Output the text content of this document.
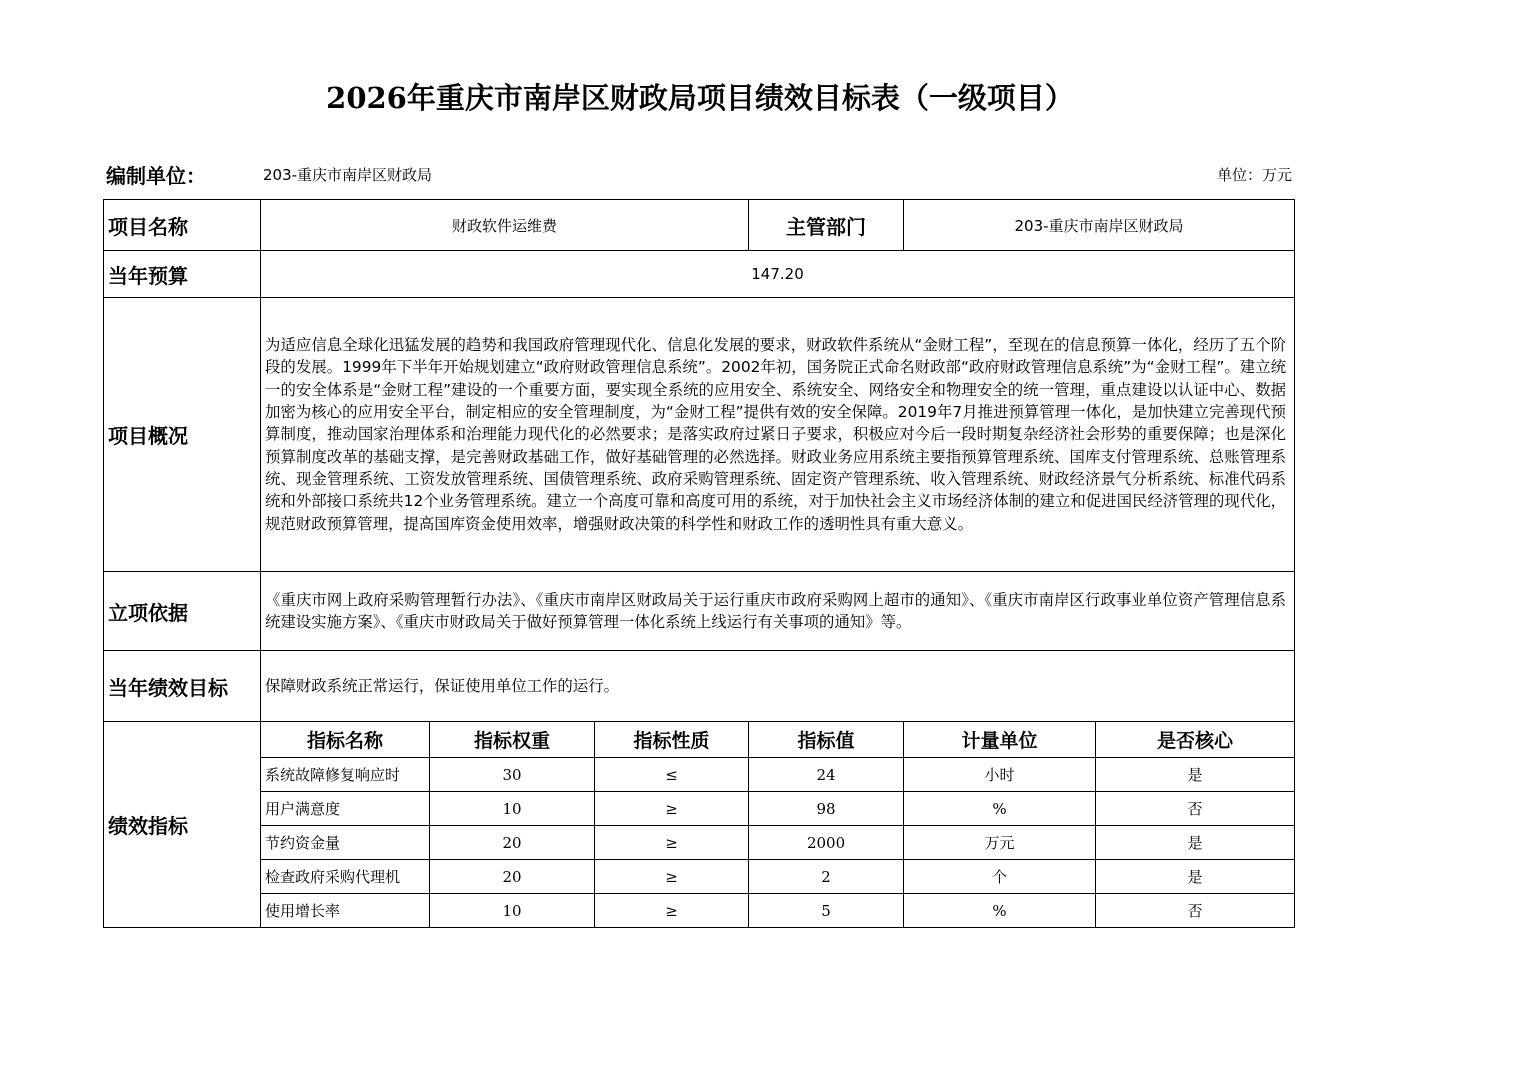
2026年重庆市南岸区财政局项目绩效目标表（一级项目）
编制单位：	203-重庆市南岸区财政局	单位：万元
项目名称	财政软件运维费			主管部门	203-重庆市南岸区财政局	
当年预算	147.20					
项目概况	为适应信息全球化迅猛发展的趋势和我国政府管理现代化、信息化发展的要求，财政软件系统从“金财工程”，至现在的信息预算一体化，经历了五个阶段的发展。1999年下半年开始规划建立“政府财政管理信息系统”。2002年初，国务院正式命名财政部“政府财政管理信息系统”为“金财工程”。建立统一的安全体系是“金财工程”建设的一个重要方面，要实现全系统的应用安全、系统安全、网络安全和物理安全的统一管理，重点建设以认证中心、数据加密为核心的应用安全平台，制定相应的安全管理制度，为“金财工程”提供有效的安全保障。2019年7月推进预算管理一体化，是加快建立完善现代预算制度，推动国家治理体系和治理能力现代化的必然要求；是落实政府过紧日子要求，积极应对今后一段时期复杂经济社会形势的重要保障；也是深化预算制度改革的基础支撑，是完善财政基础工作，做好基础管理的必然选择。财政业务应用系统主要指预算管理系统、国库支付管理系统、总账管理系统、现金管理系统、工资发放管理系统、国债管理系统、政府采购管理系统、固定资产管理系统、收入管理系统、财政经济景气分析系统、标准代码系统和外部接口系统共12个业务管理系统。建立一个高度可靠和高度可用的系统，对于加快社会主义市场经济体制的建立和促进国民经济管理的现代化，规范财政预算管理，提高国库资金使用效率，增强财政决策的科学性和财政工作的透明性具有重大意义。					
立项依据	《重庆市网上政府采购管理暂行办法》、《重庆市南岸区财政局关于运行重庆市政府采购网上超市的通知》、《重庆市南岸区行政事业单位资产管理信息系统建设实施方案》、《重庆市财政局关于做好预算管理一体化系统上线运行有关事项的通知》等。					
当年绩效目标	保障财政系统正常运行，保证使用单位工作的运行。					
绩效指标	指标名称	指标权重	指标性质	指标值	计量单位	是否核心
	系统故障修复响应时	30	≤	24	小时	是
	用户满意度	10	≥	98	%	否
	节约资金量	20	≥	2000	万元	是
	检查政府采购代理机	20	≥	2	个	是
	使用增长率	10	≥	5	%	否
